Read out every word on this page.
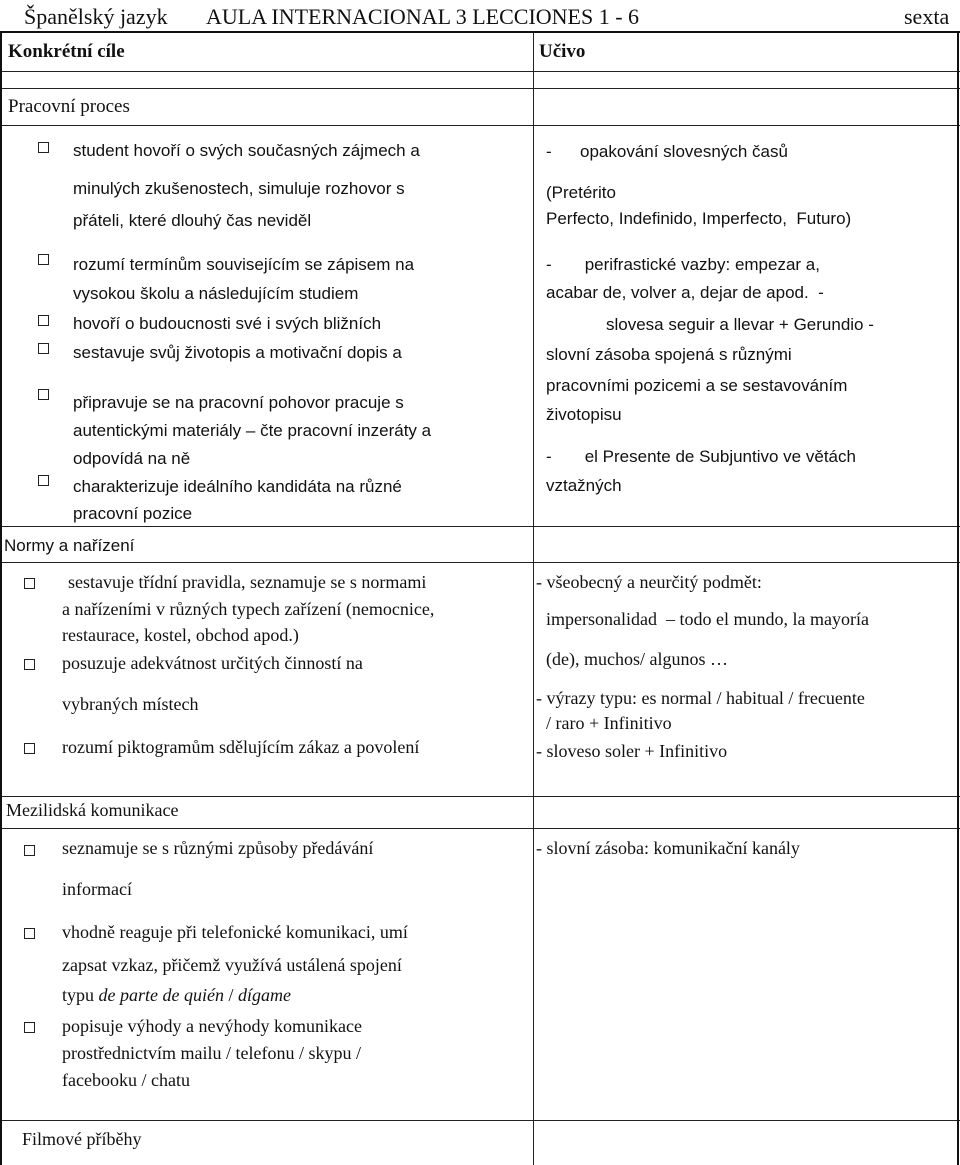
Španělský jazyk AULA INTERNACIONAL 3 LECCIONES 1 - 6	sexta
Konkrétní cíle	Učivo
Pracovní proces
student hovoří o svých současných zájmech a
minulých zkušenostech, simuluje rozhovor s
přáteli, které dlouhý čas neviděl
rozumí termínům souvisejícím se zápisem na
vysokou školu a následujícím studiem
hovoří o budoucnosti své i svých bližních
sestavuje svůj životopis a motivační dopis a
připravuje se na pracovní pohovor pracuje s
autentickými materiály – čte pracovní inzeráty a
odpovídá na ně
charakterizuje ideálního kandidáta na různé
pracovní pozice
-      opakování slovesných časů
(Pretérito
Perfecto, Indefinido, Imperfecto,  Futuro)
-       perifrastické vazby: empezar a,
acabar de, volver a, dejar de apod.  -
slovesa seguir a llevar + Gerundio -
slovní zásoba spojená s různými
pracovními pozicemi a se sestavováním
životopisu
-       el Presente de Subjuntivo ve větách
vztažných
Normy a nařízení
sestavuje třídní pravidla, seznamuje se s normami
a nařízeními v různých typech zařízení (nemocnice,
restaurace, kostel, obchod apod.)
posuzuje adekvátnost určitých činností na
vybraných místech
rozumí piktogramům sdělujícím zákaz a povolení
- všeobecný a neurčitý podmět:
impersonalidad  – todo el mundo, la mayoría
(de), muchos/ algunos …
- výrazy typu: es normal / habitual / frecuente
/ raro + Infinitivo
- sloveso soler + Infinitivo
Mezilidská komunikace
seznamuje se s různými způsoby předávání
informací
vhodně reaguje při telefonické komunikaci, umí
zapsat vzkaz, přičemž využívá ustálená spojení
typu de parte de quién / dígame
popisuje výhody a nevýhody komunikace
prostřednictvím mailu / telefonu / skypu /
facebooku / chatu
- slovní zásoba: komunikační kanály
Filmové příběhy
